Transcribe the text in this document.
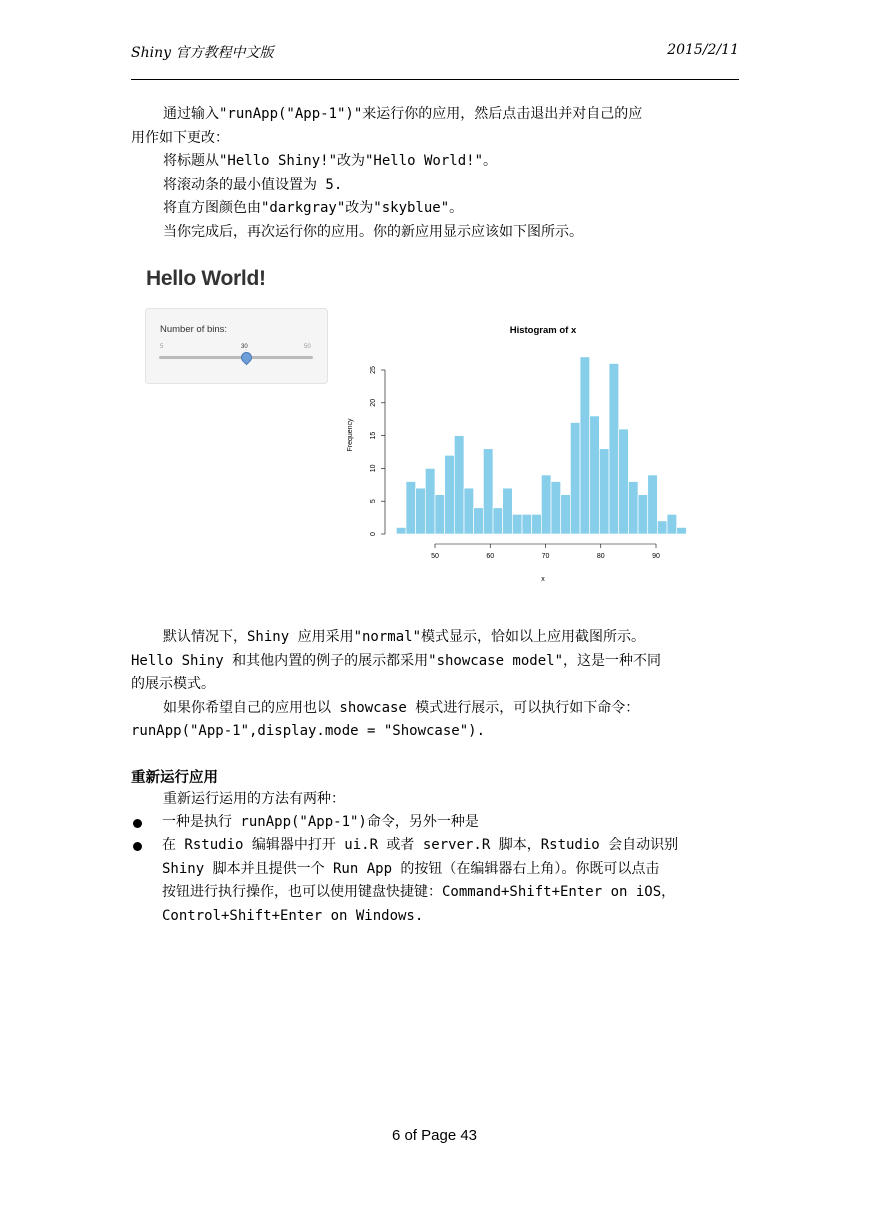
Shiny 官方教程中文版	2015/2/11
通过输入"runApp("App-1")"来运行你的应用，然后点击退出并对自己的应
用作如下更改：
将标题从"Hello Shiny!"改为"Hello World!"。
将滚动条的最小值设置为 5.
将直方图颜色由"darkgray"改为"skyblue"。
当你完成后，再次运行你的应用。你的新应用显示应该如下图所示。
Hello World!
Number of bins:
5	30	50
Histogram of x
Frequency
x
50	60	70	80	90
0
5
10
15
20
25
默认情况下，Shiny 应用采用"normal"模式显示，恰如以上应用截图所示。
Hello Shiny 和其他内置的例子的展示都采用"showcase model"，这是一种不同
的展示模式。
如果你希望自己的应用也以 showcase 模式进行展示，可以执行如下命令：
runApp("App-1",display.mode = "Showcase").
重新运行应用
重新运行运用的方法有两种：
一种是执行 runApp("App-1")命令，另外一种是
在 Rstudio 编辑器中打开 ui.R 或者 server.R 脚本，Rstudio 会自动识别
Shiny 脚本并且提供一个 Run App 的按钮（在编辑器右上角）。你既可以点击
按钮进行执行操作，也可以使用键盘快捷键：Command+Shift+Enter on iOS，
Control+Shift+Enter on Windows.
6 of Page 43
